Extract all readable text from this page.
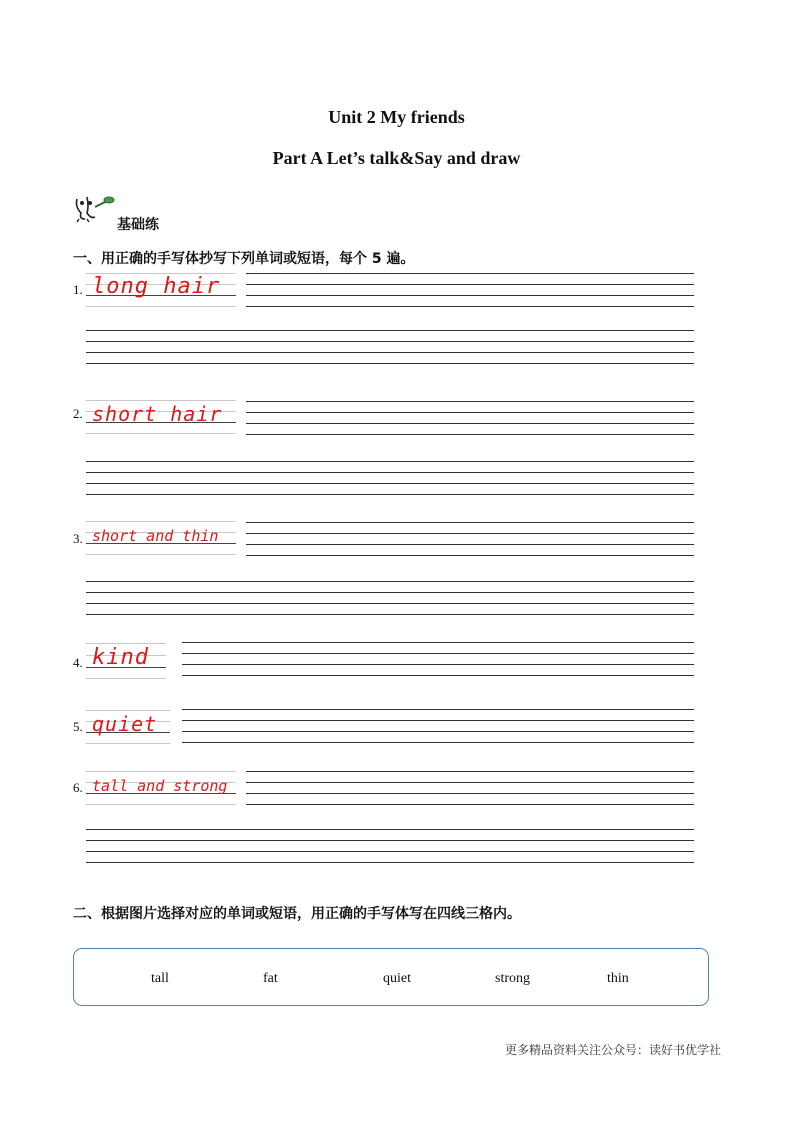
Unit 2 My friends
Part A Let’s talk&Say and draw
基础练
一、用正确的手写体抄写下列单词或短语，每个 5 遍。
1. long hair
2. short hair
3. short and thin
4. kind
5. quiet
6. tall and strong
二、根据图片选择对应的单词或短语，用正确的手写体写在四线三格内。
tall	fat	quiet	strong	thin
更多精品资料关注公众号：读好书优学社
